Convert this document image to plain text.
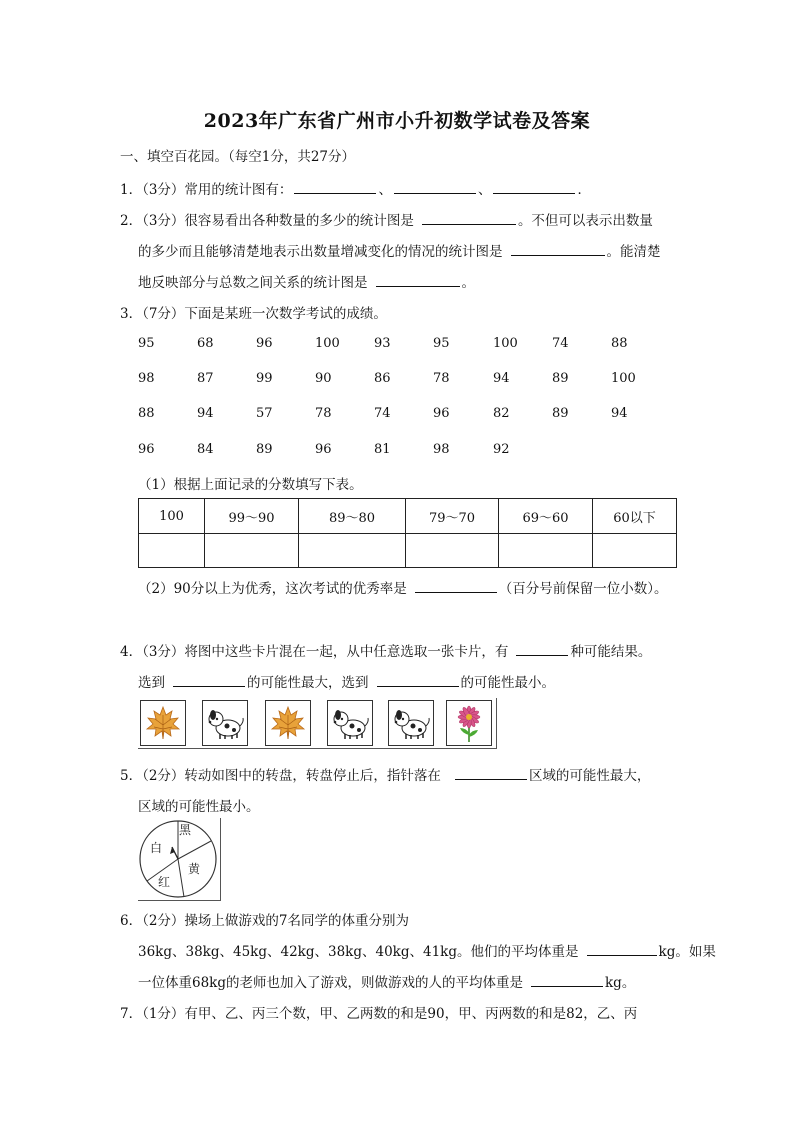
2023年广东省广州市小升初数学试卷及答案
一、填空百花园。（每空1分，共27分）
1．（3分）常用的统计图有：	、	、	．
2．（3分）很容易看出各种数量的多少的统计图是	。不但可以表示出数量
的多少而且能够清楚地表示出数量增减变化的情况的统计图是	。能清楚
地反映部分与总数之间关系的统计图是	。
3．（7分）下面是某班一次数学考试的成绩。
95	68	96	100	93	95	100	74	88
98	87	99	90	86	78	94	89	100
88	94	57	78	74	96	82	89	94
96	84	89	96	81	98	92
（1）根据上面记录的分数填写下表。
100	99～90	89～80	79～70	69～60	60以下

（2）90分以上为优秀，这次考试的优秀率是	（百分号前保留一位小数）。
4．（3分）将图中这些卡片混在一起，从中任意选取一张卡片，有	种可能结果。
选到	的可能性最大，选到	的可能性最小。
5．（2分）转动如图中的转盘，转盘停止后，指针落在	区域的可能性最大，
区域的可能性最小。
黑
白
黄
红
6．（2分）操场上做游戏的7名同学的体重分别为
36kg、38kg、45kg、42kg、38kg、40kg、41kg。他们的平均体重是	kg。如果
一位体重68kg的老师也加入了游戏，则做游戏的人的平均体重是	kg。
7．（1分）有甲、乙、丙三个数，甲、乙两数的和是90，甲、丙两数的和是82，乙、丙
